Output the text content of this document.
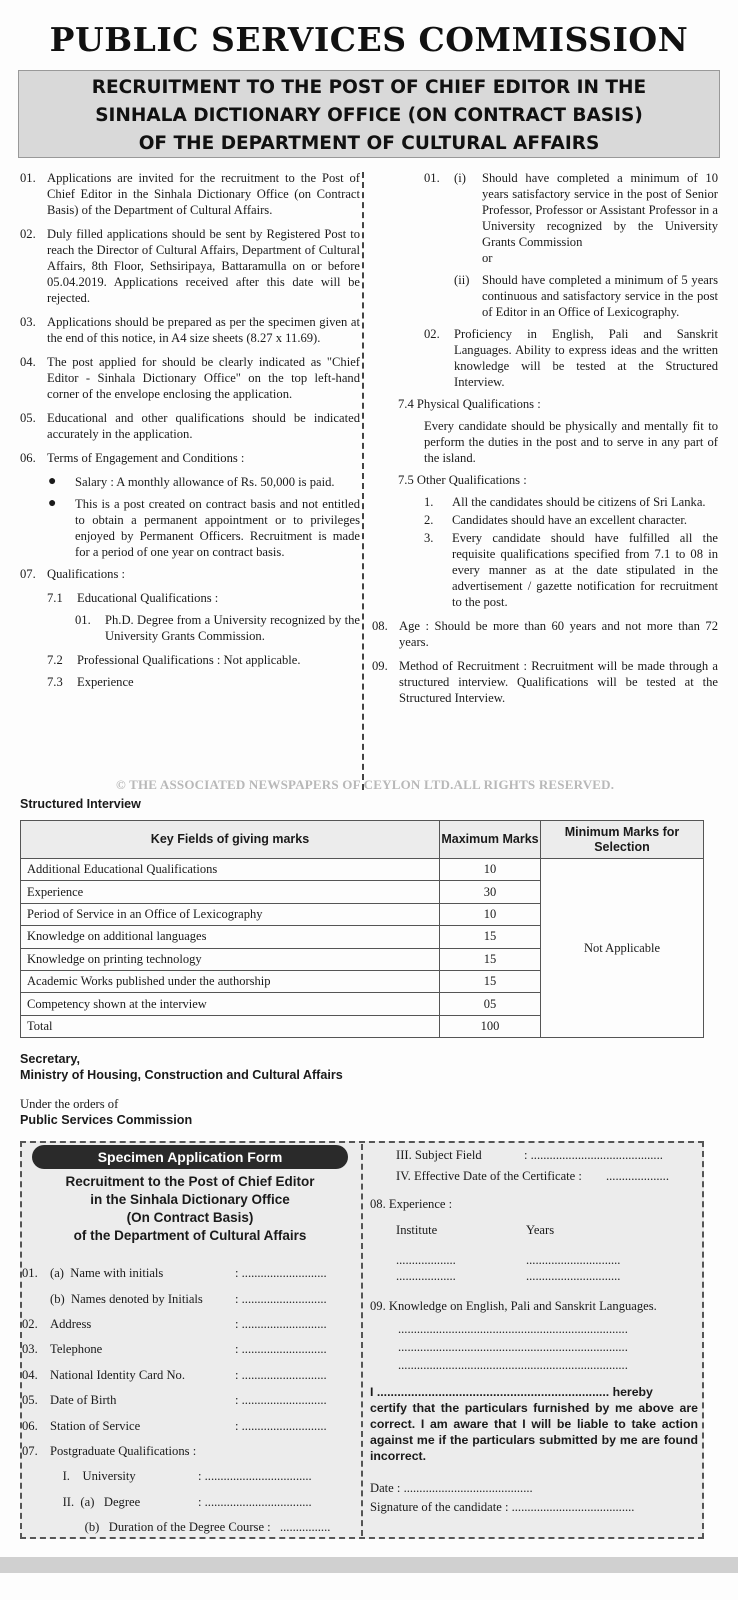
PUBLIC SERVICES COMMISSION
RECRUITMENT TO THE POST OF CHIEF EDITOR IN THE
SINHALA DICTIONARY OFFICE (ON CONTRACT BASIS)
OF THE DEPARTMENT OF CULTURAL AFFAIRS
01. Applications are invited for the recruitment to the Post of Chief Editor in the Sinhala Dictionary Office (on Contract Basis) of the Department of Cultural Affairs.
02. Duly filled applications should be sent by Registered Post to reach the Director of Cultural Affairs, Department of Cultural Affairs, 8th Floor, Sethsiripaya, Battaramulla on or before 05.04.2019. Applications received after this date will be rejected.
03. Applications should be prepared as per the specimen given at the end of this notice, in A4 size sheets (8.27 x 11.69).
04. The post applied for should be clearly indicated as "Chief Editor - Sinhala Dictionary Office" on the top left-hand corner of the envelope enclosing the application.
05. Educational and other qualifications should be indicated accurately in the application.
06. Terms of Engagement and Conditions :
●	Salary : A monthly allowance of Rs. 50,000 is paid.
●	This is a post created on contract basis and not entitled to obtain a permanent appointment or to privileges enjoyed by Permanent Officers. Recruitment is made for a period of one year on contract basis.
07. Qualifications :
7.1	Educational Qualifications :
01.	Ph.D. Degree from a University recognized by the University Grants Commission.
7.2	Professional Qualifications : Not applicable.
7.3	Experience
01.	(i)	Should have completed a minimum of 10 years satisfactory service in the post of Senior Professor, Professor or Assistant Professor in a University recognized by the University Grants Commission
or
(ii)	Should have completed a minimum of 5 years continuous and satisfactory service in the post of Editor in an Office of Lexicography.
02.	Proficiency in English, Pali and Sanskrit Languages. Ability to express ideas and the written knowledge will be tested at the Structured Interview.
7.4 Physical Qualifications :
Every candidate should be physically and mentally fit to perform the duties in the post and to serve in any part of the island.
7.5 Other Qualifications :
1.	All the candidates should be citizens of Sri Lanka.
2.	Candidates should have an excellent character.
3.	Every candidate should have fulfilled all the requisite qualifications specified from 7.1 to 08 in every manner as at the date stipulated in the advertisement / gazette notification for recruitment to the post.
08. Age : Should be more than 60 years and not more than 72 years.
09. Method of Recruitment : Recruitment will be made through a structured interview. Qualifications will be tested at the Structured Interview.
© THE ASSOCIATED NEWSPAPERS OF CEYLON LTD.ALL RIGHTS RESERVED.
Structured Interview
Key Fields of giving marks	Maximum Marks	Minimum Marks for Selection
Additional Educational Qualifications	10	Not Applicable
Experience	30	
Period of Service in an Office of Lexicography	10	
Knowledge on additional languages	15	
Knowledge on printing technology	15	
Academic Works published under the authorship	15	
Competency shown at the interview	05	
Total	100	
Secretary,
Ministry of Housing, Construction and Cultural Affairs
Under the orders of
Public Services Commission
Specimen Application Form
Recruitment to the Post of Chief Editor
in the Sinhala Dictionary Office
(On Contract Basis)
of the Department of Cultural Affairs
01. (a)  Name with initials	: ...........................
(b)  Names denoted by Initials	: ...........................
02. Address	: ...........................
03. Telephone	: ...........................
04. National Identity Card No.	: ...........................
05. Date of Birth	: ...........................
06. Station of Service	: ...........................
07. Postgraduate Qualifications :
I.    University	: ..................................
II.  (a)   Degree	: ..................................
(b)   Duration of the Degree Course : ................
III. Subject Field	: ..........................................
IV. Effective Date of the Certificate :	....................
08. Experience :
Institute	Years
...................	..............................
...................	..............................
09. Knowledge on English, Pali and Sanskrit Languages.
.........................................................................
.........................................................................
.........................................................................
I .................................................................... hereby
certify that the particulars furnished by me above are correct. I am aware that I will be liable to take action against me if the particulars submitted by me are found incorrect.
Date : .........................................
Signature of the candidate : .......................................
